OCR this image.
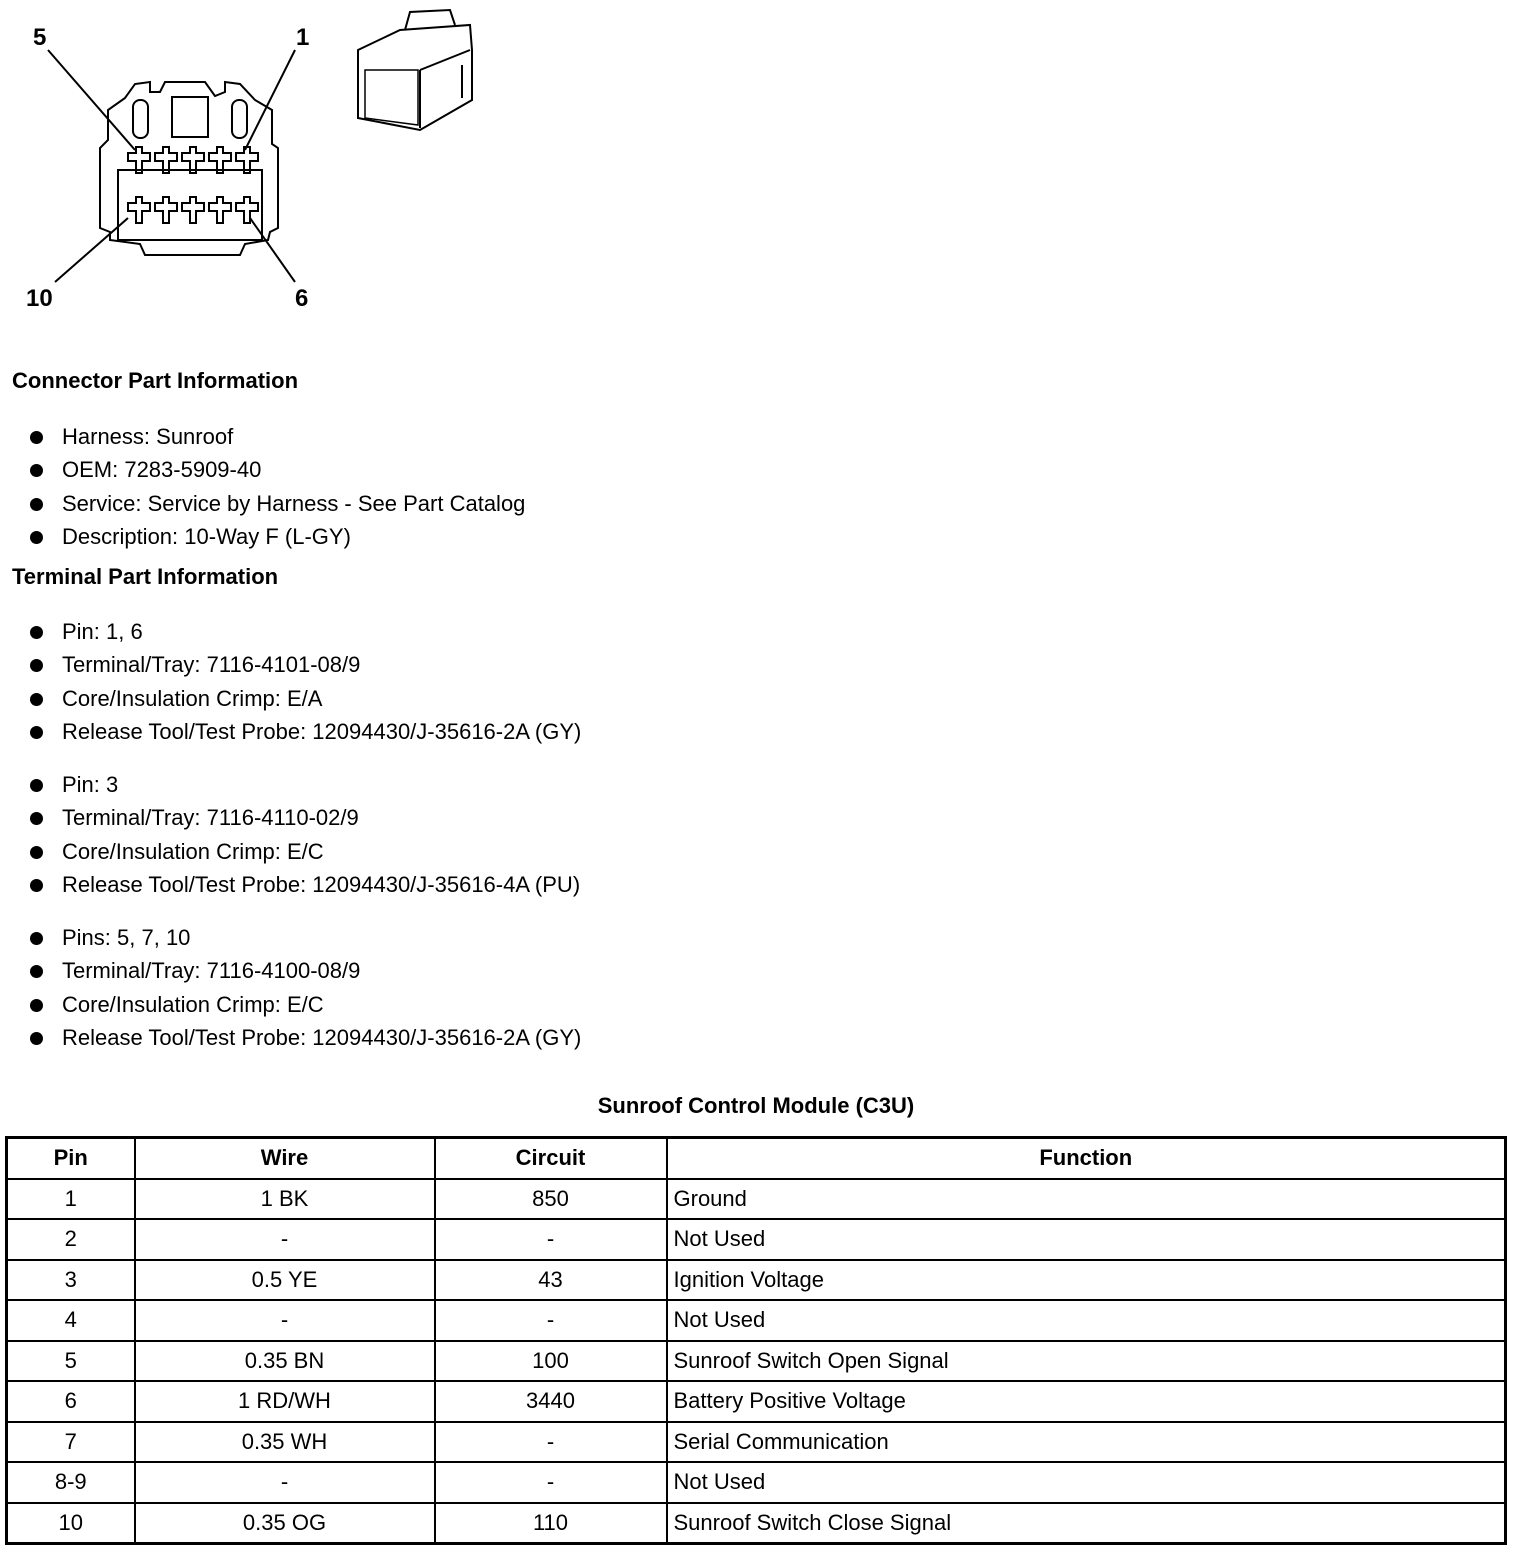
5	1
10	6
Connector Part Information
Harness: Sunroof
OEM: 7283-5909-40
Service: Service by Harness - See Part Catalog
Description: 10-Way F (L-GY)
Terminal Part Information
Pin: 1, 6
Terminal/Tray: 7116-4101-08/9
Core/Insulation Crimp: E/A
Release Tool/Test Probe: 12094430/J-35616-2A (GY)
Pin: 3
Terminal/Tray: 7116-4110-02/9
Core/Insulation Crimp: E/C
Release Tool/Test Probe: 12094430/J-35616-4A (PU)
Pins: 5, 7, 10
Terminal/Tray: 7116-4100-08/9
Core/Insulation Crimp: E/C
Release Tool/Test Probe: 12094430/J-35616-2A (GY)
Sunroof Control Module (C3U)
Pin	Wire	Circuit	Function
1	1 BK	850	Ground
2	-	-	Not Used
3	0.5 YE	43	Ignition Voltage
4	-	-	Not Used
5	0.35 BN	100	Sunroof Switch Open Signal
6	1 RD/WH	3440	Battery Positive Voltage
7	0.35 WH	-	Serial Communication
8-9	-	-	Not Used
10	0.35 OG	110	Sunroof Switch Close Signal
